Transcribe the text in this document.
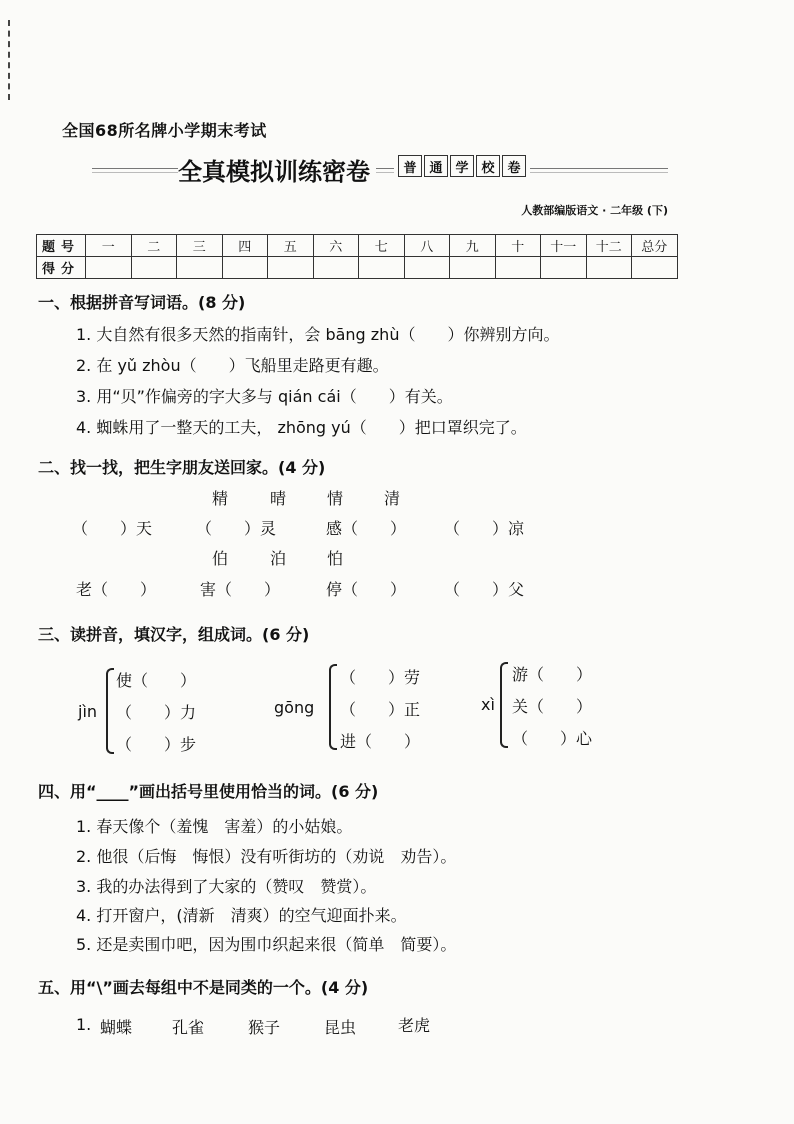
全国68所名牌小学期末考试
全真模拟训练密卷	普 通 学 校 卷
人教部编版语文 · 二年级 (下)
题号	一	二	三	四	五	六	七	八	九	十	十一	十二	总分
得分													
一、根据拼音写词语。(8 分)
1. 大自然有很多天然的指南针，会 bāng zhù（　　）你辨别方向。
2. 在 yǔ zhòu（　　）飞船里走路更有趣。
3. 用“贝”作偏旁的字大多与 qián cái（　　）有关。
4. 蜘蛛用了一整天的工夫， zhōng yú（　　）把口罩织完了。
二、找一找，把生字朋友送回家。(4 分)
精	晴	情	清
（　　）天	（　　）灵	感（　　） （　　）凉
伯	泊	怕
老（　　）	害（　　）	停（　　） （　　）父
三、读拼音，填汉字，组成词。(6 分)
jìn
使（　　）
（　　）力
（　　）步
gōng
（　　）劳
（　　）正
进（　　）
xì
游（　　）
关（　　）
（　　）心
四、用“____”画出括号里使用恰当的词。(6 分)
1. 春天像个（羞愧　害羞）的小姑娘。
2. 他很（后悔　悔恨）没有听街坊的（劝说　劝告）。
3. 我的办法得到了大家的（赞叹　赞赏）。
4. 打开窗户，(清新　清爽）的空气迎面扑来。
5. 还是卖围巾吧，因为围巾织起来很（简单　简要）。
五、用“\”画去每组中不是同类的一个。(4 分)
1. 蝴蝶 孔雀	猴子	昆虫	老虎
